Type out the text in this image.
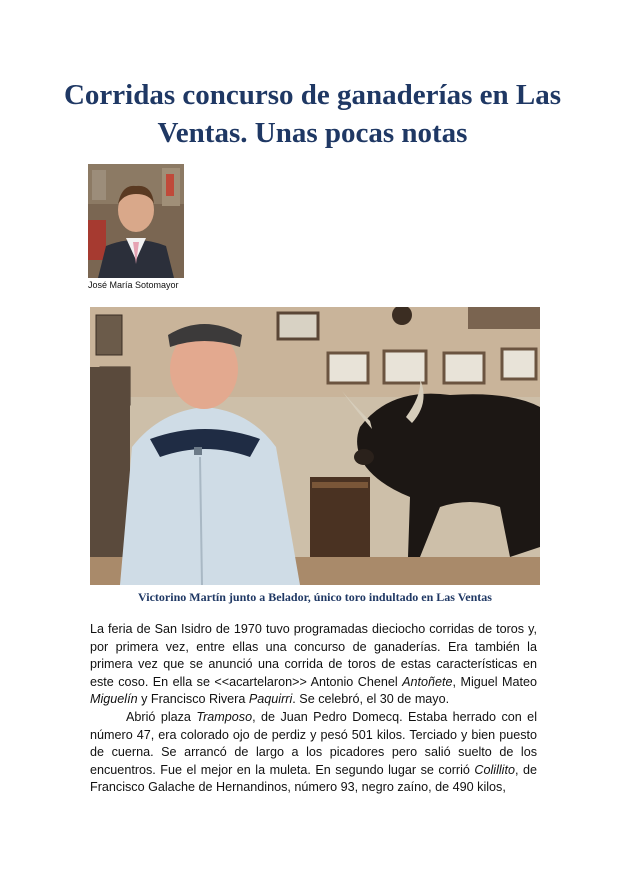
Corridas concurso de ganaderías en Las Ventas. Unas pocas notas
José María Sotomayor
Victorino Martín junto a Belador, único toro indultado en Las Ventas

La feria de San Isidro de 1970 tuvo programadas dieciocho corridas de toros y, por primera vez, entre ellas una concurso de ganaderías. Era también la primera vez que se anunció una corrida de toros de estas características en este coso. En ella se <<acartelaron>> Antonio Chenel Antoñete, Miguel Mateo Miguelín y Francisco Rivera Paquirri. Se celebró, el 30 de mayo.

Abrió plaza Tramposo, de Juan Pedro Domecq. Estaba herrado con el número 47, era colorado ojo de perdiz y pesó 501 kilos. Terciado y bien puesto de cuerna. Se arrancó de largo a los picadores pero salió suelto de los encuentros. Fue el mejor en la muleta. En segundo lugar se corrió Colillito, de Francisco Galache de Hernandinos, número 93, negro zaíno, de 490 kilos,
